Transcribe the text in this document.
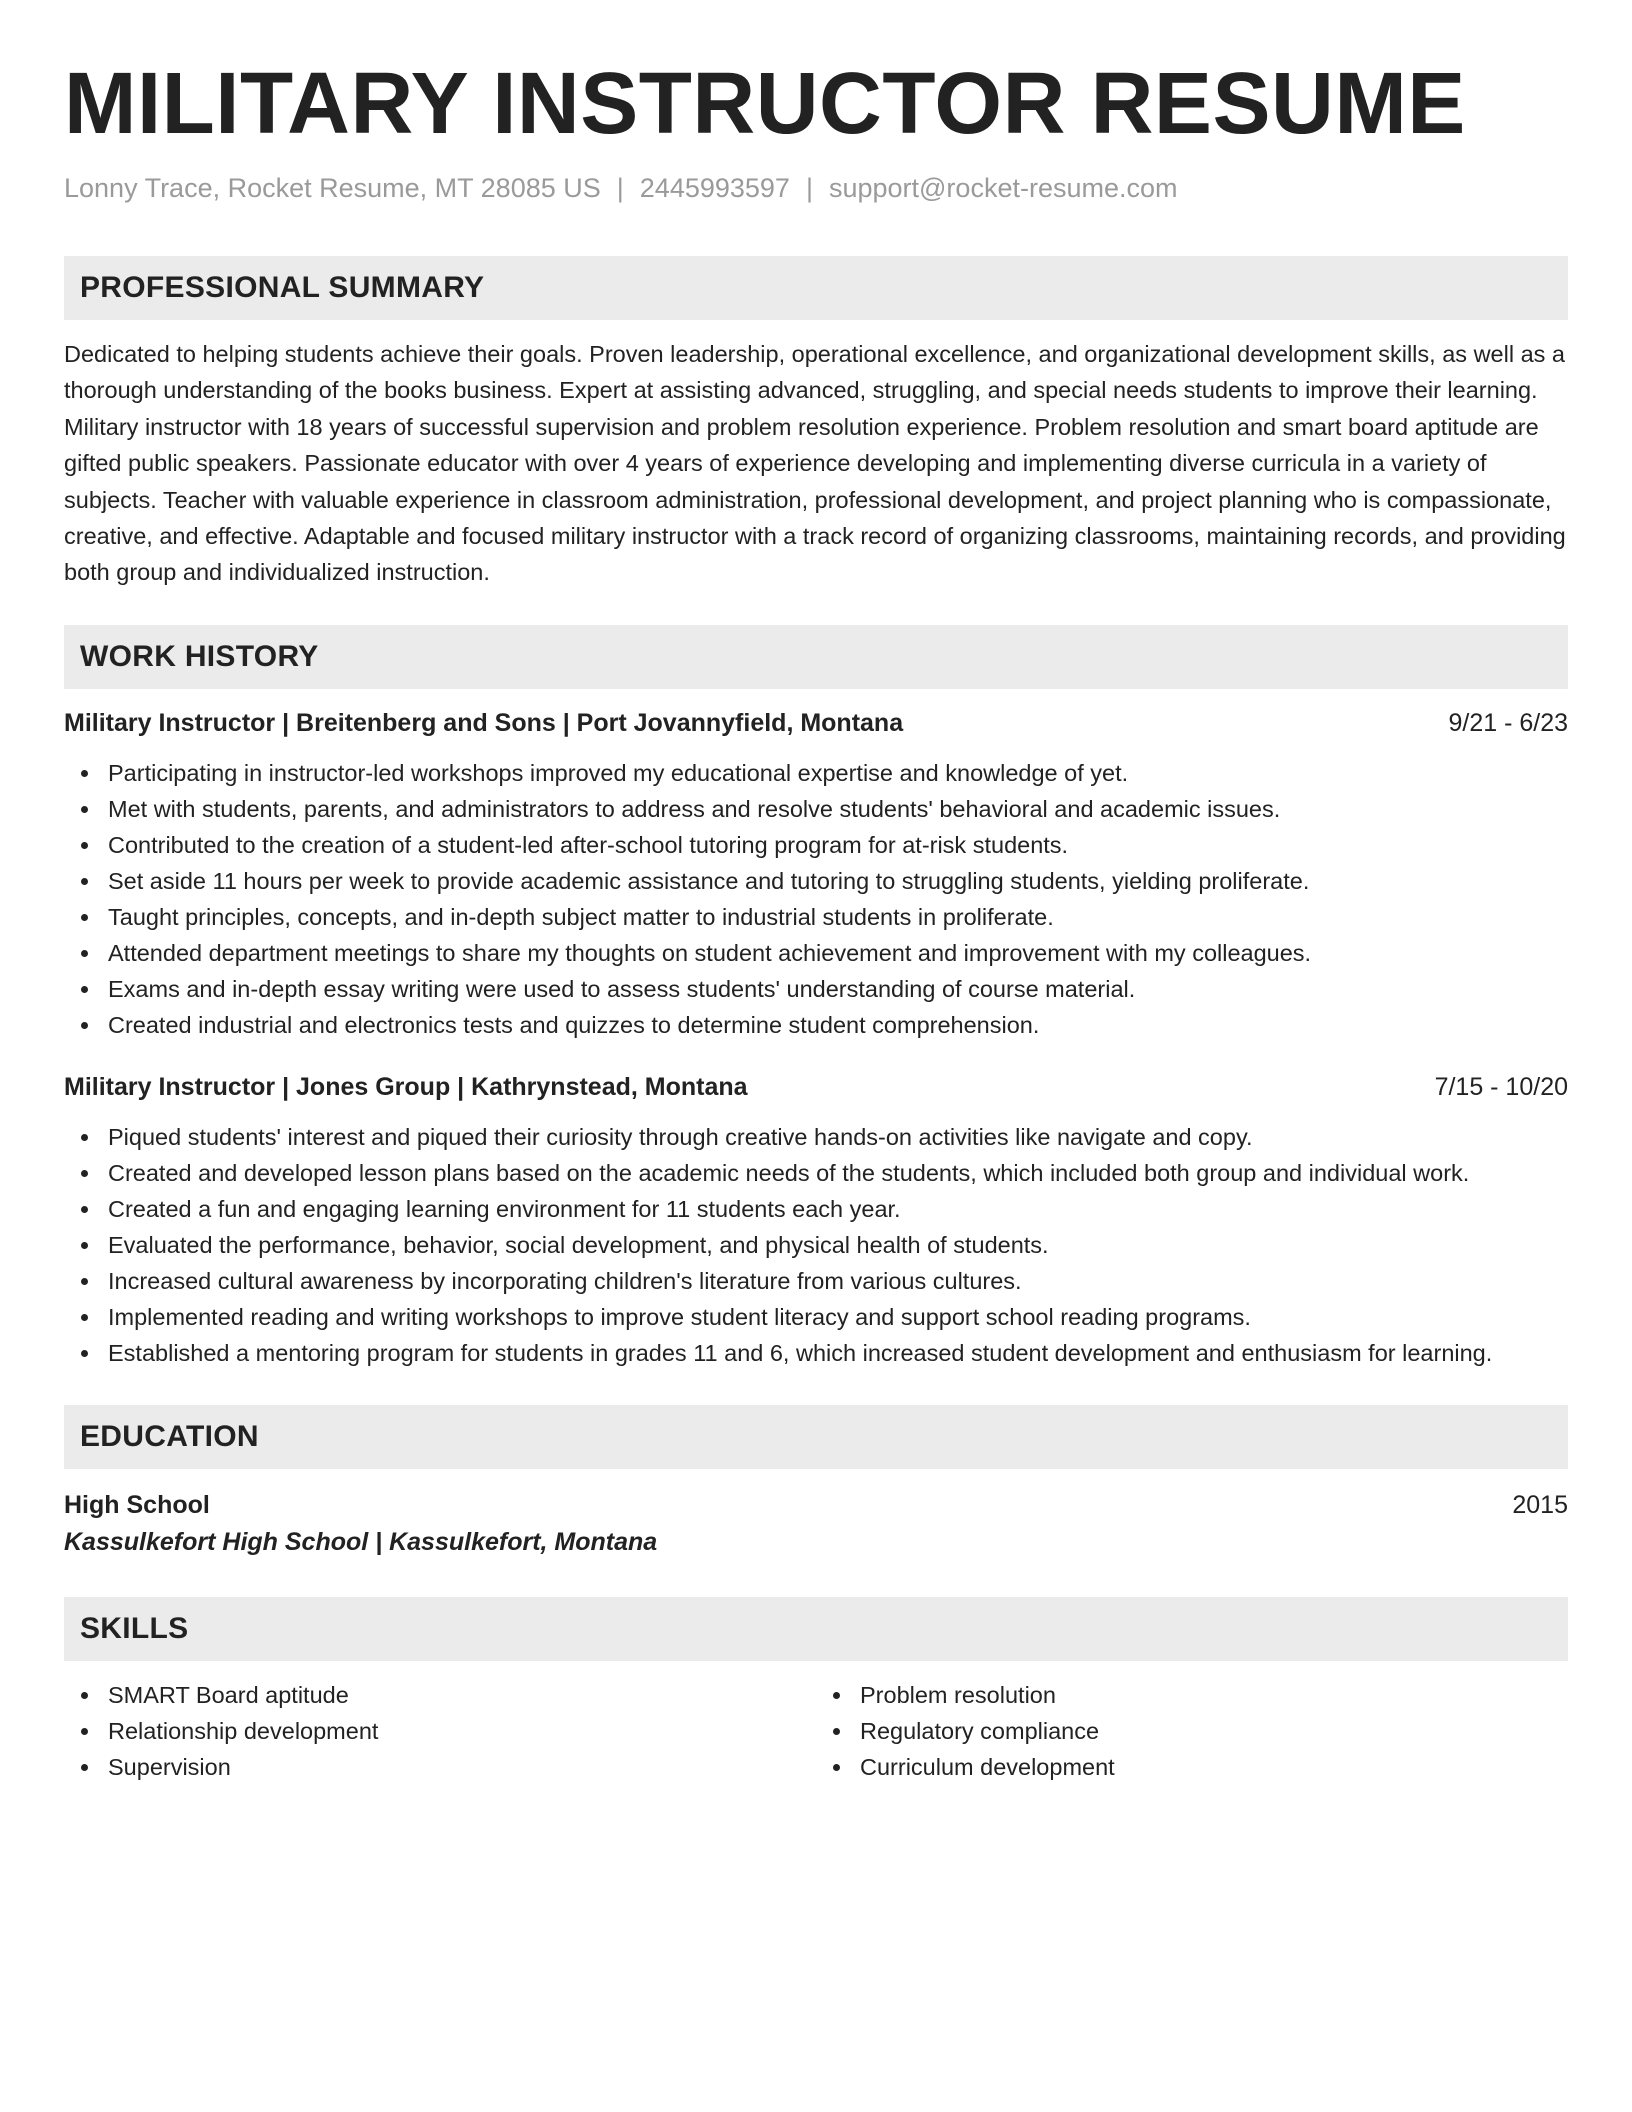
MILITARY INSTRUCTOR RESUME
Lonny Trace, Rocket Resume, MT 28085 US | 2445993597 | support@rocket-resume.com
PROFESSIONAL SUMMARY

Dedicated to helping students achieve their goals. Proven leadership, operational excellence, and organizational development skills, as well as a thorough understanding of the books business. Expert at assisting advanced, struggling, and special needs students to improve their learning. Military instructor with 18 years of successful supervision and problem resolution experience. Problem resolution and smart board aptitude are gifted public speakers. Passionate educator with over 4 years of experience developing and implementing diverse curricula in a variety of subjects. Teacher with valuable experience in classroom administration, professional development, and project planning who is compassionate, creative, and effective. Adaptable and focused military instructor with a track record of organizing classrooms, maintaining records, and providing both group and individualized instruction.

WORK HISTORY
Military Instructor | Breitenberg and Sons | Port Jovannyfield, Montana	9/21 - 6/23
Participating in instructor-led workshops improved my educational expertise and knowledge of yet.
Met with students, parents, and administrators to address and resolve students' behavioral and academic issues.
Contributed to the creation of a student-led after-school tutoring program for at-risk students.
Set aside 11 hours per week to provide academic assistance and tutoring to struggling students, yielding proliferate.
Taught principles, concepts, and in-depth subject matter to industrial students in proliferate.
Attended department meetings to share my thoughts on student achievement and improvement with my colleagues.
Exams and in-depth essay writing were used to assess students' understanding of course material.
Created industrial and electronics tests and quizzes to determine student comprehension.
Military Instructor | Jones Group | Kathrynstead, Montana	7/15 - 10/20
Piqued students' interest and piqued their curiosity through creative hands-on activities like navigate and copy.
Created and developed lesson plans based on the academic needs of the students, which included both group and individual work.
Created a fun and engaging learning environment for 11 students each year.
Evaluated the performance, behavior, social development, and physical health of students.
Increased cultural awareness by incorporating children's literature from various cultures.
Implemented reading and writing workshops to improve student literacy and support school reading programs.
Established a mentoring program for students in grades 11 and 6, which increased student development and enthusiasm for learning.
EDUCATION
High School	2015
Kassulkefort High School | Kassulkefort, Montana
SKILLS
SMART Board aptitude
Relationship development
Supervision
Problem resolution
Regulatory compliance
Curriculum development
